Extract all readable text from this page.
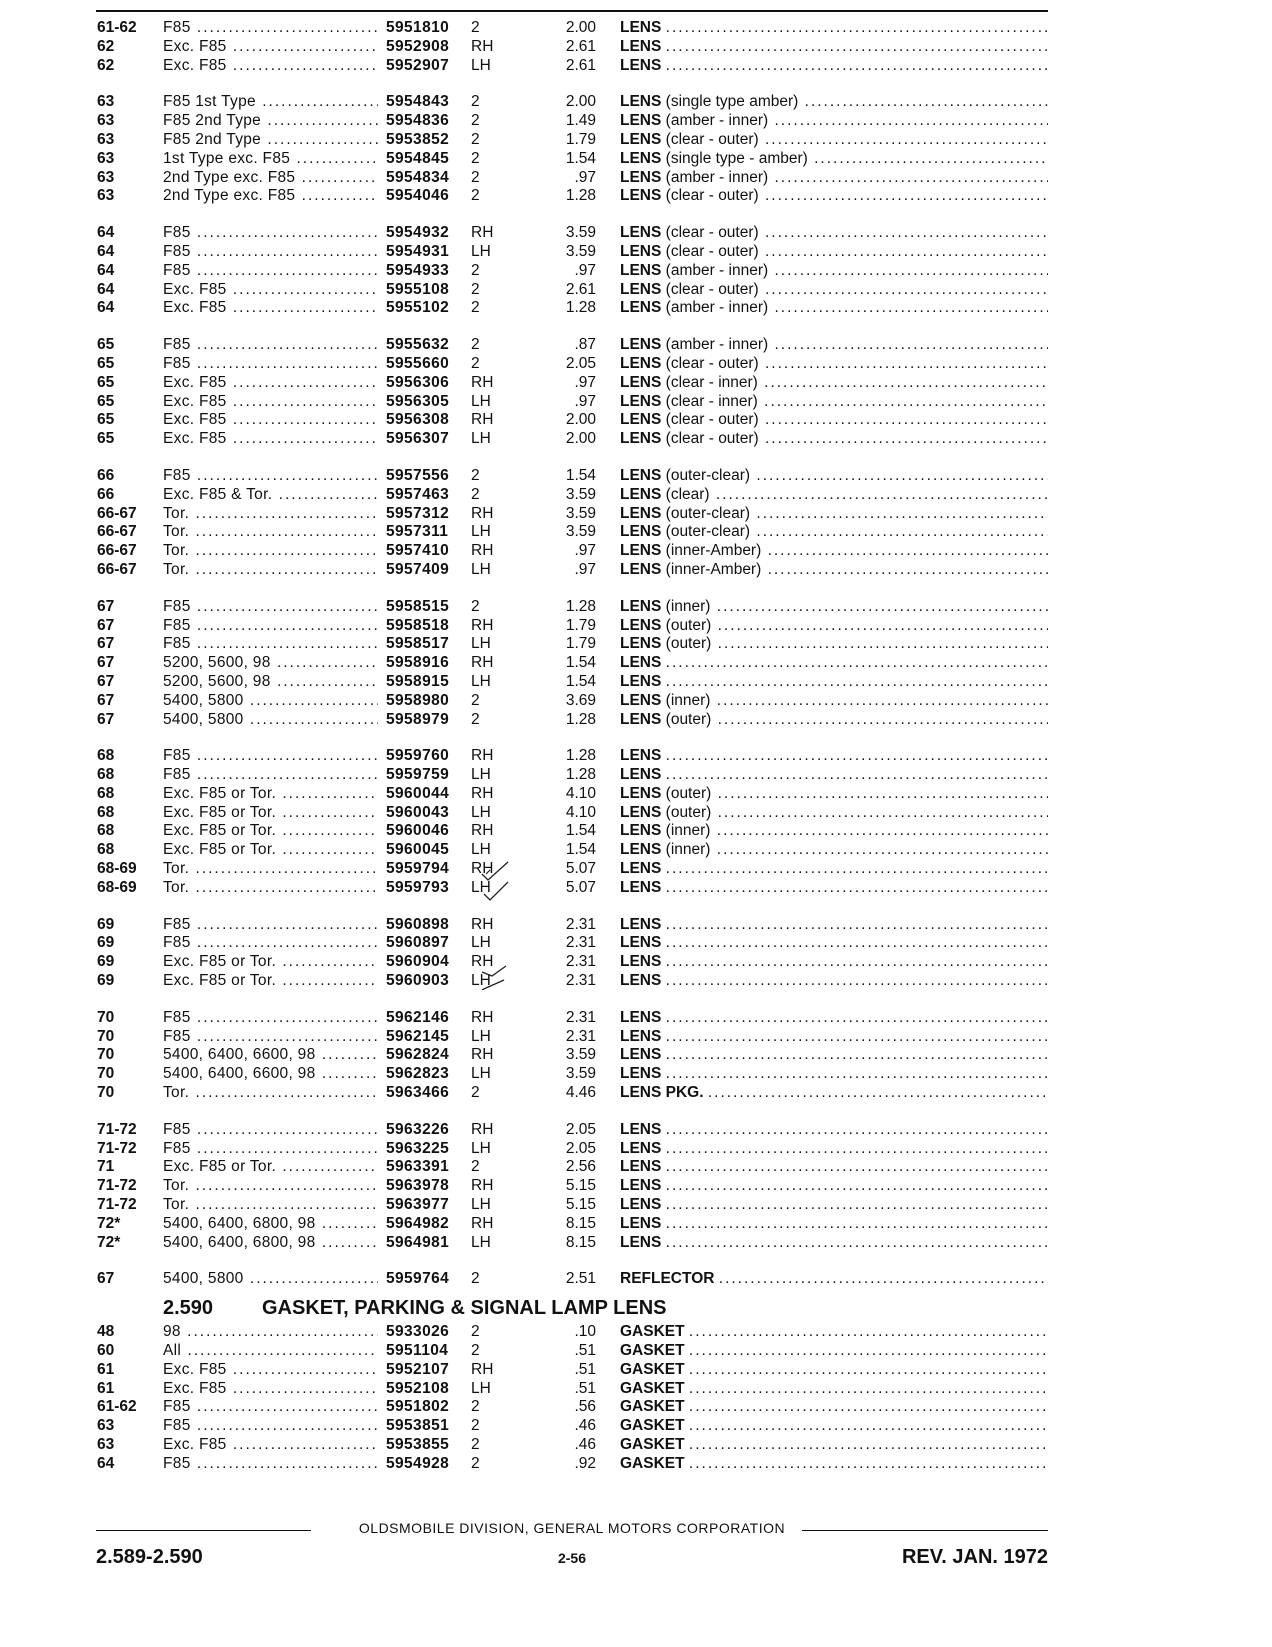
61-62 F85 .....	5951810 2	2.00 LENS .....
62	Exc. F85 .....	5952908 RH	2.61 LENS .....
62	Exc. F85 .....	5952907 LH	2.61 LENS .....
63	F85 1st Type .....	5954843 2	2.00 LENS (single type amber) .....
63	F85 2nd Type .....	5954836 2	1.49 LENS (amber - inner) .....
63	F85 2nd Type .....	5953852 2	1.79 LENS (clear - outer) .....
63	1st Type exc. F85 .....	5954845 2	1.54 LENS (single type - amber) .....
63	2nd Type exc. F85 .....	5954834 2	.97 LENS (amber - inner) .....
63	2nd Type exc. F85 .....	5954046 2	1.28 LENS (clear - outer) .....
64	F85 .....	5954932 RH	3.59 LENS (clear - outer) .....
64	F85 .....	5954931 LH	3.59 LENS (clear - outer) .....
64	F85 .....	5954933 2	.97 LENS (amber - inner) .....
64	Exc. F85 .....	5955108 2	2.61 LENS (clear - outer) .....
64	Exc. F85 .....	5955102 2	1.28 LENS (amber - inner) .....
65	F85 .....	5955632 2	.87 LENS (amber - inner) .....
65	F85 .....	5955660 2	2.05 LENS (clear - outer) .....
65	Exc. F85 .....	5956306 RH	.97 LENS (clear - inner) .....
65	Exc. F85 .....	5956305 LH	.97 LENS (clear - inner) .....
65	Exc. F85 .....	5956308 RH	2.00 LENS (clear - outer) .....
65	Exc. F85 .....	5956307 LH	2.00 LENS (clear - outer) .....
66	F85 .....	5957556 2	1.54 LENS (outer-clear) .....
66	Exc. F85 & Tor. .....	5957463 2	3.59 LENS (clear) .....
66-67 Tor. .....	5957312 RH	3.59 LENS (outer-clear) .....
66-67 Tor. .....	5957311 LH	3.59 LENS (outer-clear) .....
66-67 Tor. .....	5957410 RH	.97 LENS (inner-Amber) .....
66-67 Tor. .....	5957409 LH	.97 LENS (inner-Amber) .....
67	F85 .....	5958515 2	1.28 LENS (inner) .....
67	F85 .....	5958518 RH	1.79 LENS (outer) .....
67	F85 .....	5958517 LH	1.79 LENS (outer) .....
67	5200, 5600, 98 .....	5958916 RH	1.54 LENS .....
67	5200, 5600, 98 .....	5958915 LH	1.54 LENS .....
67	5400, 5800 .....	5958980 2	3.69 LENS (inner) .....
67	5400, 5800 .....	5958979 2	1.28 LENS (outer) .....
68	F85 .....	5959760 RH	1.28 LENS .....
68	F85 .....	5959759 LH	1.28 LENS .....
68	Exc. F85 or Tor. .....	5960044 RH	4.10 LENS (outer) .....
68	Exc. F85 or Tor. .....	5960043 LH	4.10 LENS (outer) .....
68	Exc. F85 or Tor. .....	5960046 RH	1.54 LENS (inner) .....
68	Exc. F85 or Tor. .....	5960045 LH	1.54 LENS (inner) .....
68-69 Tor. .....	5959794 RH	5.07 LENS .....
68-69 Tor. .....	5959793 LH	5.07 LENS .....
69	F85 .....	5960898 RH	2.31 LENS .....
69	F85 .....	5960897 LH	2.31 LENS .....
69	Exc. F85 or Tor. .....	5960904 RH	2.31 LENS .....
69	Exc. F85 or Tor. .....	5960903 LH	2.31 LENS .....
70	F85 .....	5962146 RH	2.31 LENS .....
70	F85 .....	5962145 LH	2.31 LENS .....
70	5400, 6400, 6600, 98 .....	5962824 RH	3.59 LENS .....
70	5400, 6400, 6600, 98 .....	5962823 LH	3.59 LENS .....
70	Tor. .....	5963466 2	4.46 LENS PKG. .....
71-72 F85 .....	5963226 RH	2.05 LENS .....
71-72 F85 .....	5963225 LH	2.05 LENS .....
71	Exc. F85 or Tor. .....	5963391 2	2.56 LENS .....
71-72 Tor. .....	5963978 RH	5.15 LENS .....
71-72 Tor. .....	5963977 LH	5.15 LENS .....
72*	5400, 6400, 6800, 98 .....	5964982 RH	8.15 LENS .....
72*	5400, 6400, 6800, 98 .....	5964981 LH	8.15 LENS .....
67	5400, 5800 .....	5959764 2	2.51 REFLECTOR .....
2.590 GASKET, PARKING & SIGNAL LAMP LENS
48	98 .....	5933026 2	.10 GASKET .....
60	All .....	5951104 2	.51 GASKET .....
61	Exc. F85 .....	5952107 RH	.51 GASKET .....
61	Exc. F85 .....	5952108 LH	.51 GASKET .....
61-62 F85 .....	5951802 2	.56 GASKET .....
63	F85 .....	5953851 2	.46 GASKET .....
63	Exc. F85 .....	5953855 2	.46 GASKET .....
64	F85 .....	5954928 2	.92 GASKET .....
OLDSMOBILE DIVISION, GENERAL MOTORS CORPORATION
2.589-2.590	2-56	REV. JAN. 1972
